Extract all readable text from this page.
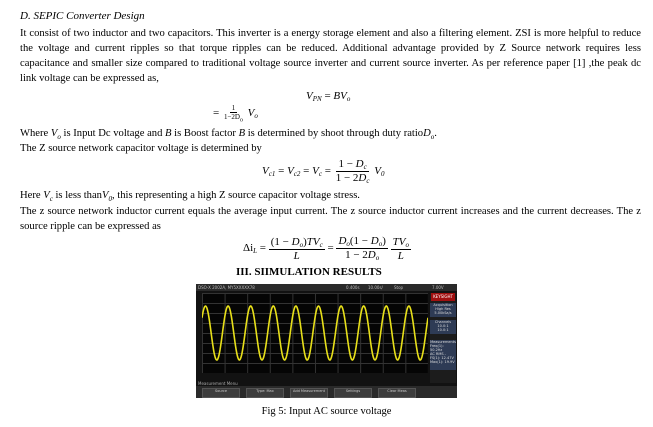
D. SEPIC Converter Design
It consist of two inductor and two capacitors. This inverter is a energy storage element and also a filtering element. ZSI is more helpful to reduce the voltage and current ripples so that torque ripples can be reduced. Additional advantage provided by Z Source network requires less capacitance and smaller size compared to traditional voltage source inverter and current source inverter. As per reference paper [1] ,the peak dc link voltage can be expressed as,
$V_{PN} = BV_o$
= $\frac{1}{1-2D_o} V_o$
Where $V_o$ is Input Dc voltage and B is Boost factor B is determined by shoot through duty ratioD$_o$.
The Z source network capacitor voltage is determined by
$V_{c1} = V_{c2} = V_c = \frac{1 - D_c}{1 - 2D_c} V_0$
Here $V_c$ is less thanV$_0$, this representing a high Z source capacitor voltage stress.
The z source network inductor current equals the average input current. The z source inductor current increases and the current decreases. The z source ripple can be expressed as
$\Delta i_L = \frac{(1 - D_o)TV_c}{L} = \frac{D_o(1 - D_o)}{1 - 2D_o}$
$\frac{TV_o}{L}$
III. SIIMULATION RESULTS
DSO-X 2002A, MY5XXXXX78	0.400s 10.00s/	Stop	7.00V
KEYSIGHT
Acquisition
High Res
5.00kSa/s
Channels
10.0:1
10.0:1
Measurements
Freq(1): 50.2Hz
AC RMS - FS(1): 12.47V
Max(1): 19.9V
Measurement Menu
Source	Type: Max	Add Measurement	Settings	Clear Meas
Fig 5: Input AC source voltage
